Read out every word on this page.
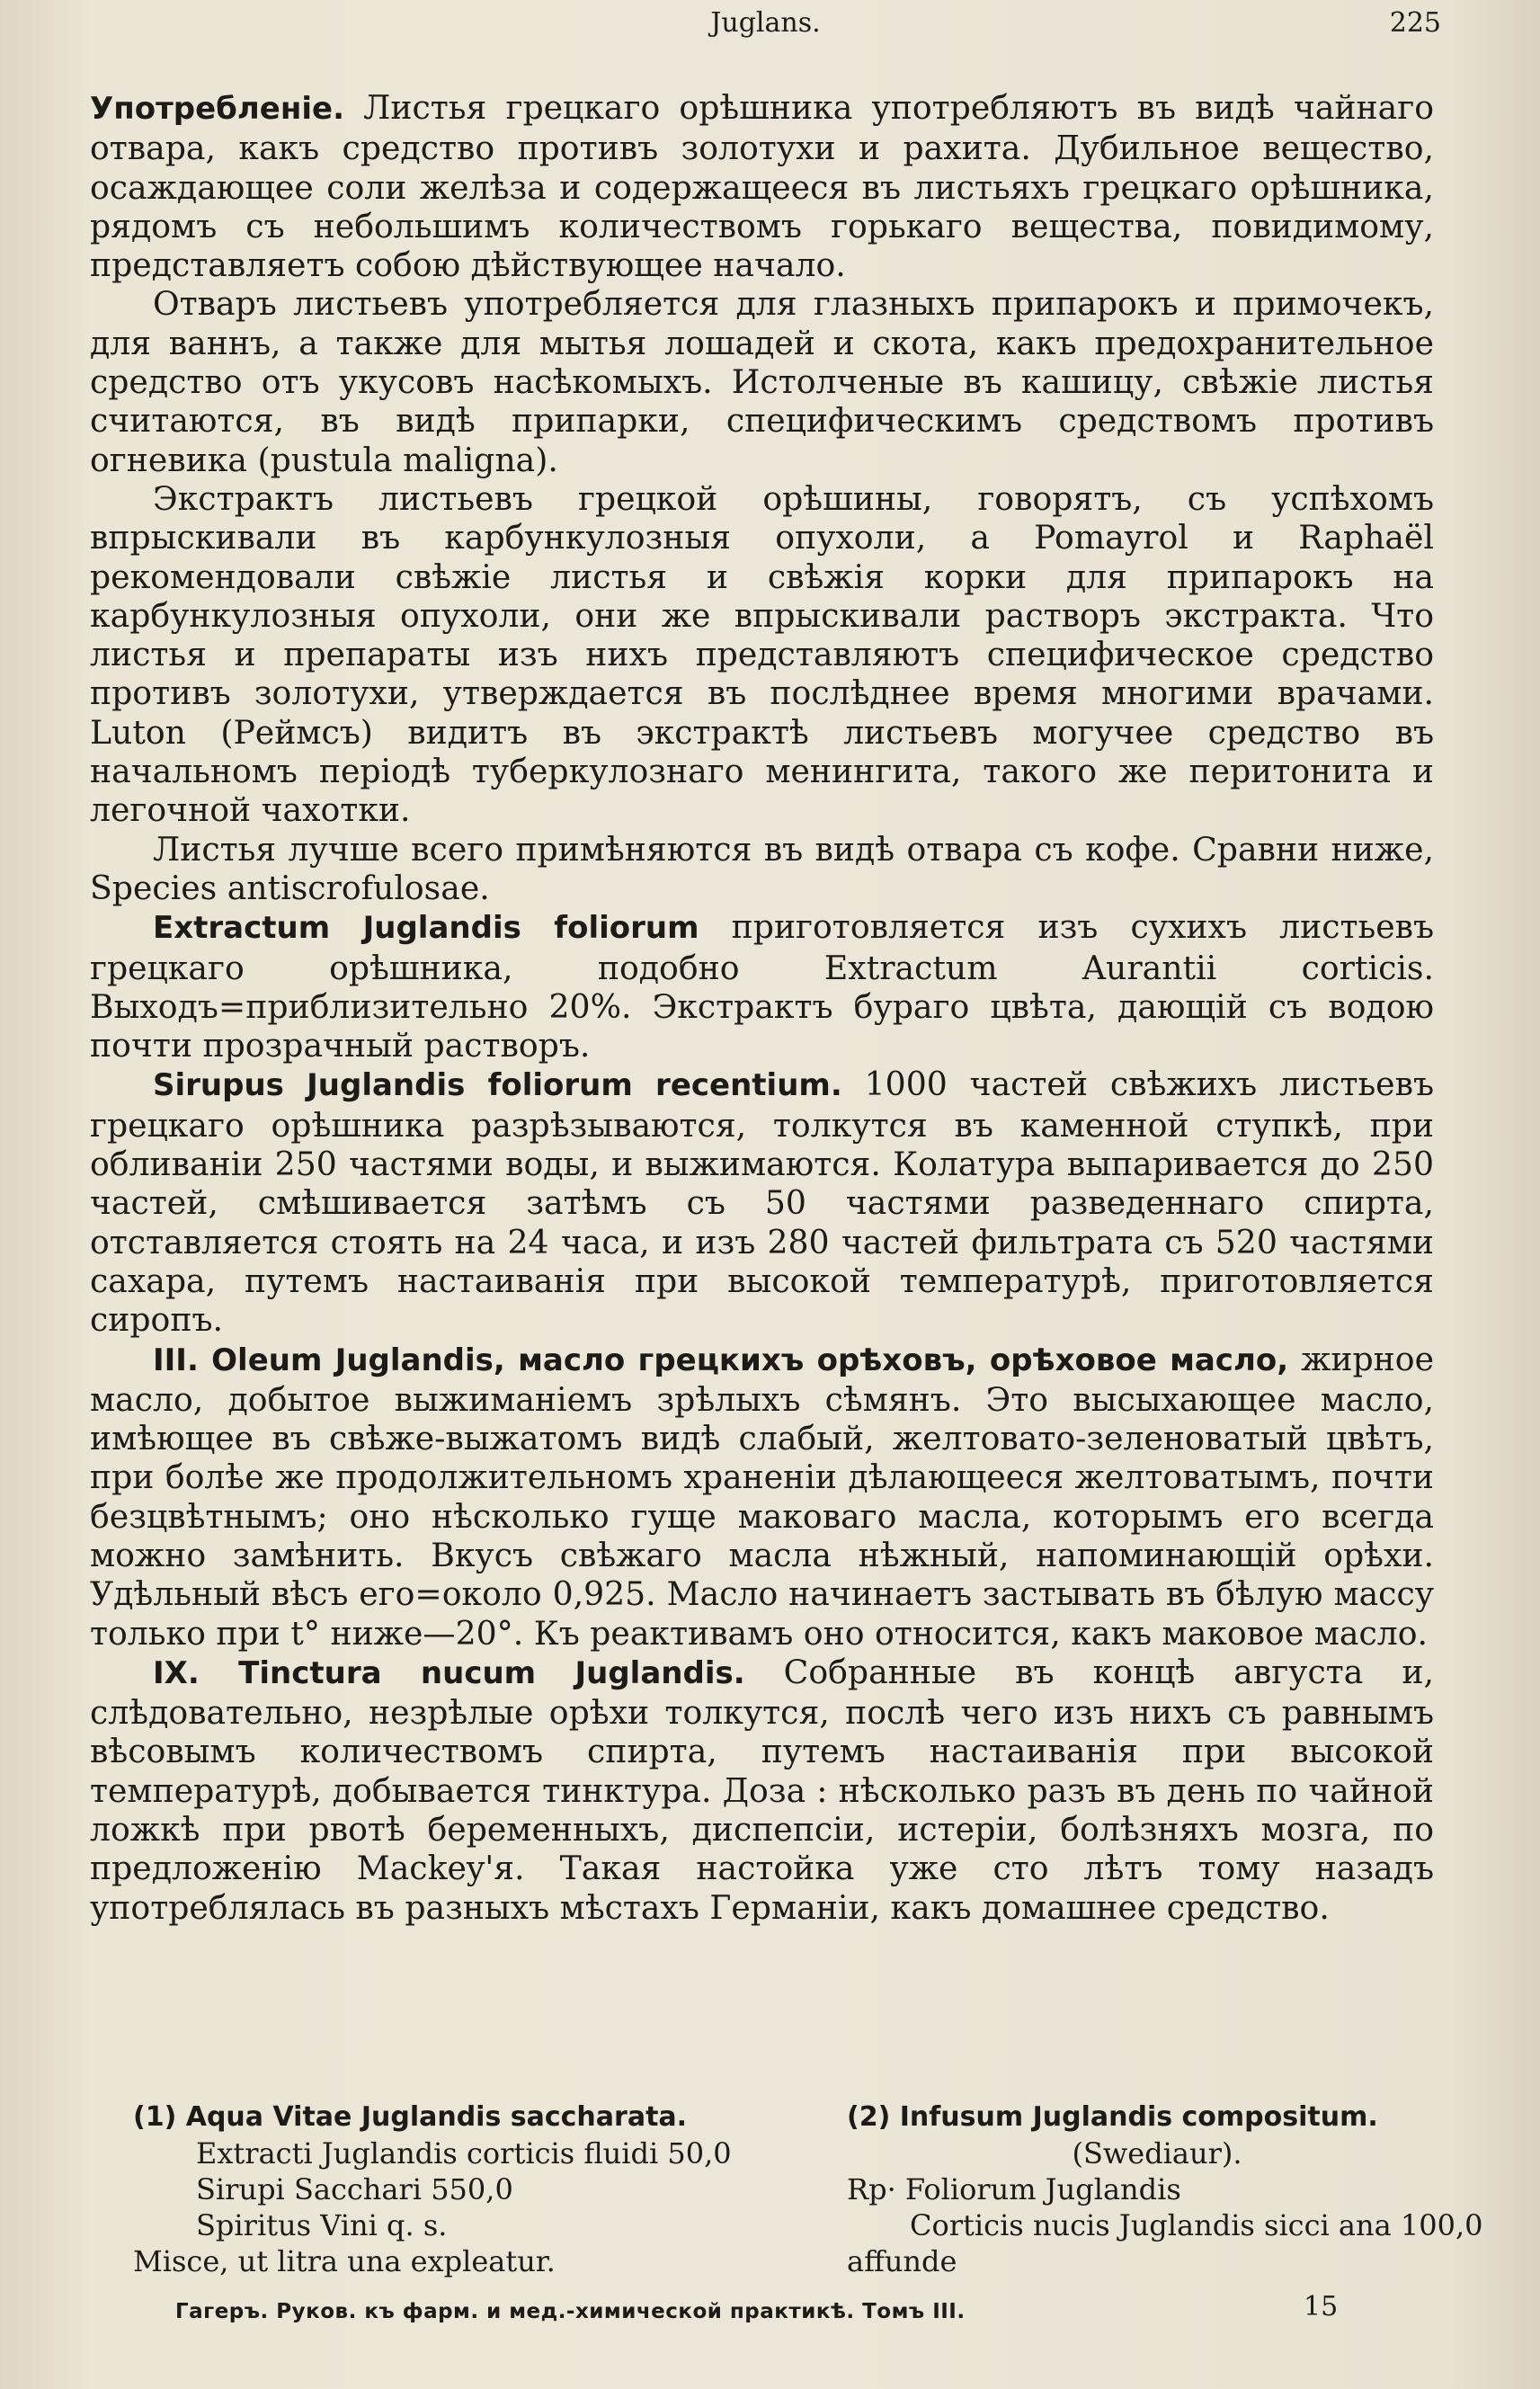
Juglans.	225

Употребленіе. Листья грецкаго орѣшника употребляютъ въ видѣ чайнаго отвара, какъ средство противъ золотухи и рахита. Дубильное вещество, осаждающее соли желѣза и содержащееся въ листьяхъ грецкаго орѣшника, рядомъ съ небольшимъ количествомъ горькаго вещества, повидимому, представляетъ собою дѣйствующее начало.

Отваръ листьевъ употребляется для глазныхъ припарокъ и примочекъ, для ваннъ, а также для мытья лошадей и скота, какъ предохранительное средство отъ укусовъ насѣкомыхъ. Истолченые въ кашицу, свѣжіе листья считаются, въ видѣ припарки, специфическимъ средствомъ противъ огневика (pustula maligna).

Экстрактъ листьевъ грецкой орѣшины, говорятъ, съ успѣхомъ впрыскивали въ карбункулозныя опухоли, а Pomayrol и Raphaël рекомендовали свѣжіе листья и свѣжія корки для припарокъ на карбункулозныя опухоли, они же впрыскивали растворъ экстракта. Что листья и препараты изъ нихъ представляютъ специфическое средство противъ золотухи, утверждается въ послѣднее время многими врачами. Luton (Реймсъ) видитъ въ экстрактѣ листьевъ могучее средство въ начальномъ періодѣ туберкулознаго менингита, такого же перитонита и легочной чахотки.

Листья лучше всего примѣняются въ видѣ отвара съ кофе. Сравни ниже, Species antiscrofulosae.

Extractum Juglandis foliorum приготовляется изъ сухихъ листьевъ грецкаго орѣшника, подобно Extractum Aurantii corticis. Выходъ=приблизительно 20%. Экстрактъ бураго цвѣта, дающій съ водою почти прозрачный растворъ.

Sirupus Juglandis foliorum recentium. 1000 частей свѣжихъ листьевъ грецкаго орѣшника разрѣзываются, толкутся въ каменной ступкѣ, при обливаніи 250 частями воды, и выжимаются. Колатура выпаривается до 250 частей, смѣшивается затѣмъ съ 50 частями разведеннаго спирта, отставляется стоять на 24 часа, и изъ 280 частей фильтрата съ 520 частями сахара, путемъ настаиванія при высокой температурѣ, приготовляется сиропъ.

III. Oleum Juglandis, масло грецкихъ орѣховъ, орѣховое масло, жирное масло, добытое выжиманіемъ зрѣлыхъ сѣмянъ. Это высыхающее масло, имѣющее въ свѣже-выжатомъ видѣ слабый, желтовато-зеленоватый цвѣтъ, при болѣе же продолжительномъ храненіи дѣлающееся желтоватымъ, почти безцвѣтнымъ; оно нѣсколько гуще маковаго масла, которымъ его всегда можно замѣнить. Вкусъ свѣжаго масла нѣжный, напоминающій орѣхи. Удѣльный вѣсъ его=около 0,925. Масло начинаетъ застывать въ бѣлую массу только при t° ниже—20°. Къ реактивамъ оно относится, какъ маковое масло.

IX. Tinctura nucum Juglandis. Собранные въ концѣ августа и, слѣдовательно, незрѣлые орѣхи толкутся, послѣ чего изъ нихъ съ равнымъ вѣсовымъ количествомъ спирта, путемъ настаиванія при высокой температурѣ, добывается тинктура. Доза : нѣсколько разъ въ день по чайной ложкѣ при рвотѣ беременныхъ, диспепсіи, истеріи, болѣзняхъ мозга, по предложенію Mackey'я. Такая настойка уже сто лѣтъ тому назадъ употреблялась въ разныхъ мѣстахъ Германіи, какъ домашнее средство.

(1) Aqua Vitae Juglandis saccharata.
Extracti Juglandis corticis fluidi 50,0
Sirupi Sacchari 550,0
Spiritus Vini q. s.
Misce, ut litra una expleatur.
(2) Infusum Juglandis compositum.
(Swediaur).
Rp· Foliorum Juglandis
Corticis nucis Juglandis sicci ana 100,0
affunde
Гагеръ. Руков. къ фарм. и мед.-химической практикѣ. Томъ III.	15
